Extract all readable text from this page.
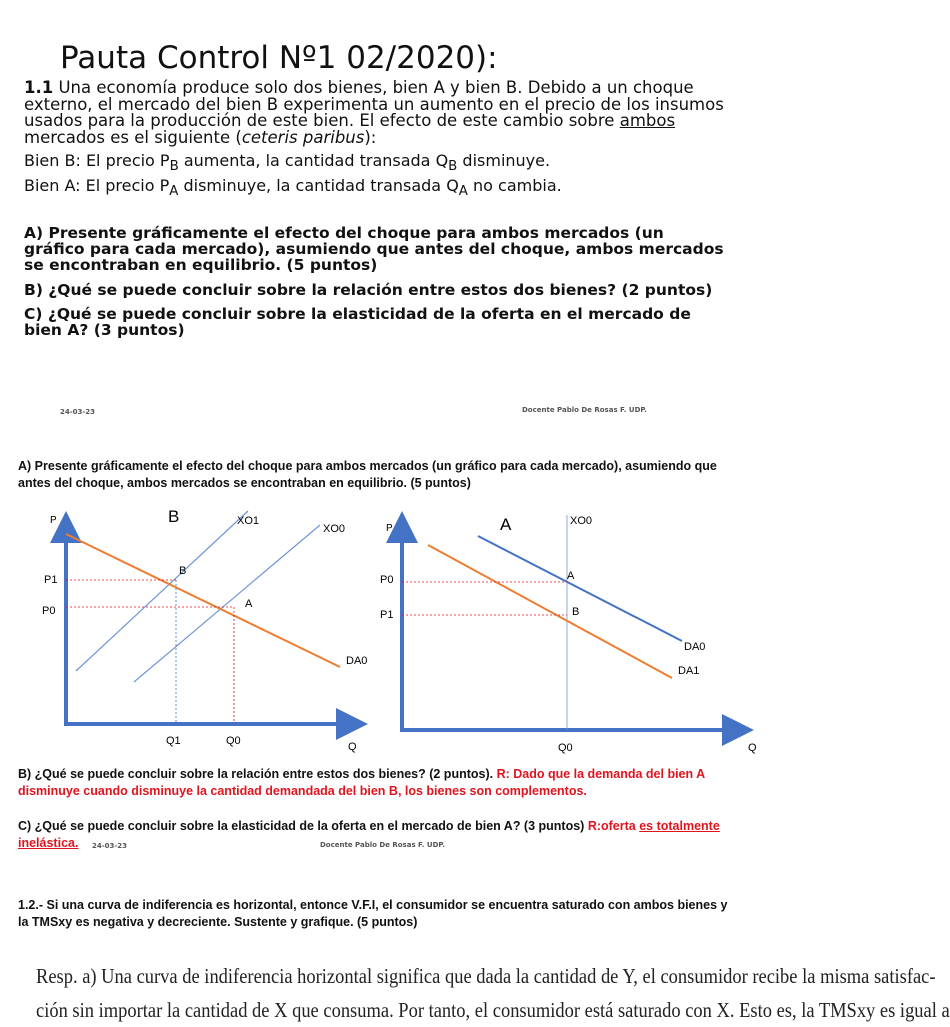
Pauta Control Nº1 02/2020):
1.1 Una economía produce solo dos bienes, bien A y bien B. Debido a un choque externo, el mercado del bien B experimenta un aumento en el precio de los insumos usados para la producción de este bien. El efecto de este cambio sobre ambos mercados es el siguiente (ceteris paribus):
Bien B: El precio $P_B$ aumenta, la cantidad transada $Q_B$ disminuye.
Bien A: El precio $P_A$ disminuye, la cantidad transada $Q_A$ no cambia.
A) Presente gráficamente el efecto del choque para ambos mercados (un gráfico para cada mercado), asumiendo que antes del choque, ambos mercados se encontraban en equilibrio. (5 puntos)
B) ¿Qué se puede concluir sobre la relación entre estos dos bienes? (2 puntos)
C) ¿Qué se puede concluir sobre la elasticidad de la oferta en el mercado de bien A? (3 puntos)
24-03-23	Docente Pablo De Rosas F. UDP.
A) Presente gráficamente el efecto del choque para ambos mercados (un gráfico para cada mercado), asumiendo que antes del choque, ambos mercados se encontraban en equilibrio. (5 puntos)
P	B	XO1
XO0
P1
P0
B
A
DA0
Q1	Q0	Q
P	A	XO0
P0
P1
A
B
DA0
DA1
Q0	Q
B) ¿Qué se puede concluir sobre la relación entre estos dos bienes? (2 puntos). R: Dado que la demanda del bien A disminuye cuando disminuye la cantidad demandada del bien B, los bienes son complementos.
C) ¿Qué se puede concluir sobre la elasticidad de la oferta en el mercado de bien A? (3 puntos) R:oferta es totalmente inelástica.	24-03-23	Docente Pablo De Rosas F. UDP.
1.2.- Si una curva de indiferencia es horizontal, entonce V.F.I, el consumidor se encuentra saturado con ambos bienes y la TMSxy es negativa y decreciente. Sustente y grafique. (5 puntos)
Resp. a) Una curva de indiferencia horizontal significa que dada la cantidad de Y, el consumidor recibe la misma satisfac-
ción sin importar la cantidad de X que consuma. Por tanto, el consumidor está saturado con X. Esto es, la TMSxy es igual a
